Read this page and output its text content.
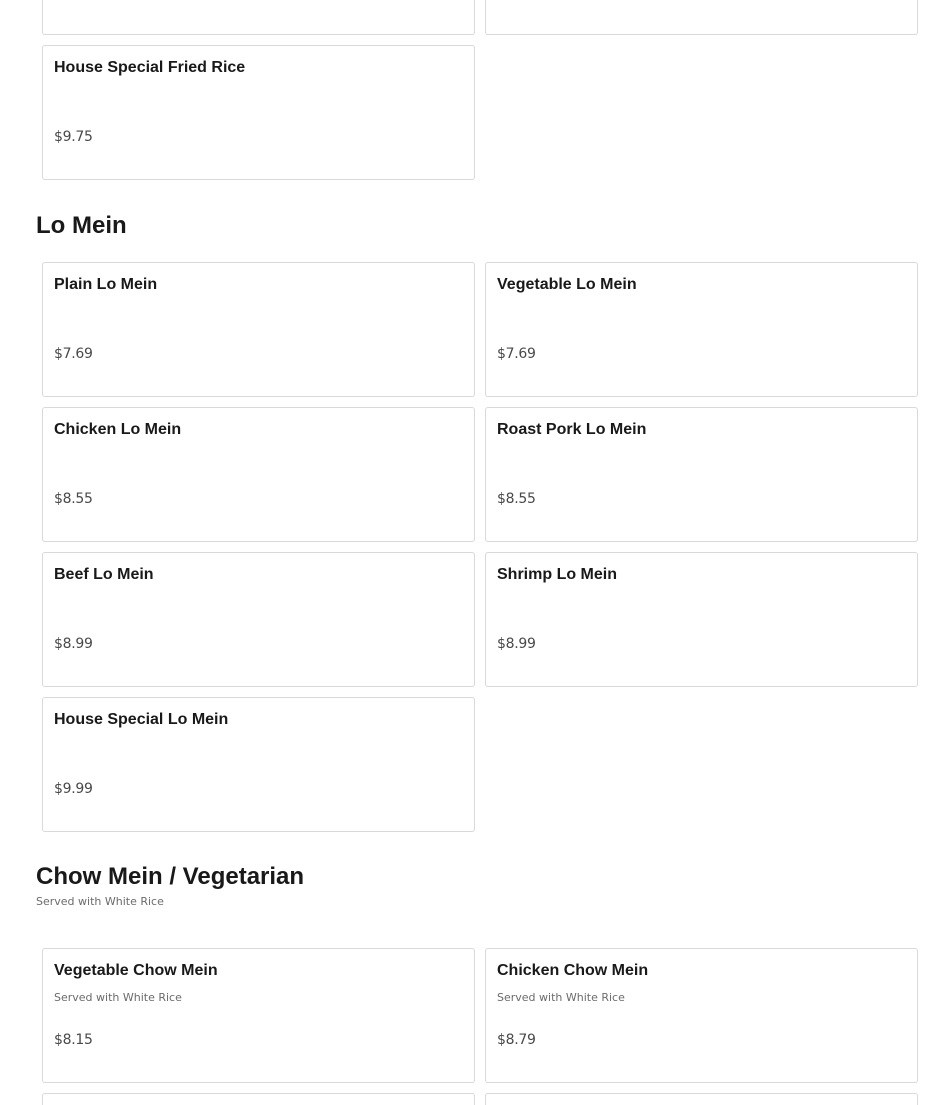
House Special Fried Rice
$9.75
Lo Mein
Plain Lo Mein
$7.69
Vegetable Lo Mein
$7.69
Chicken Lo Mein
$8.55
Roast Pork Lo Mein
$8.55
Beef Lo Mein
$8.99
Shrimp Lo Mein
$8.99
House Special Lo Mein
$9.99
Chow Mein / Vegetarian
Served with White Rice
Vegetable Chow Mein
Served with White Rice
$8.15
Chicken Chow Mein
Served with White Rice
$8.79
